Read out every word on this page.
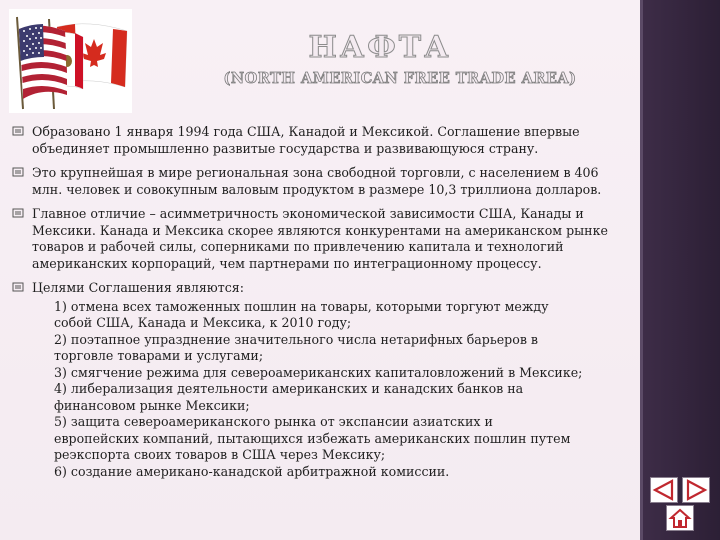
НАФТА
(NORTH AMERICAN FREE TRADE AREA)
Образовано 1 января 1994 года США, Канадой и Мексикой. Соглашение впервые
объединяет промышленно развитые государства и развивающуюся страну.
Это крупнейшая в мире региональная зона свободной торговли, с населением в 406
млн. человек и совокупным валовым продуктом в размере 10,3 триллиона долларов.
Главное отличие – асимметричность экономической зависимости США, Канады и
Мексики. Канада и Мексика скорее являются конкурентами на американском рынке
товаров и рабочей силы, соперниками по привлечению капитала и технологий
американских корпораций, чем партнерами по интеграционному процессу.
Целями Соглашения являются:
1) отмена всех таможенных пошлин на товары, которыми торгуют между
собой США, Канада и Мексика, к 2010 году;
2) поэтапное упразднение значительного числа нетарифных барьеров в
торговле товарами и услугами;
3) смягчение режима для североамериканских капиталовложений в Мексике;
4) либерализация деятельности американских и канадских банков на
финансовом рынке Мексики;
5) защита североамериканского рынка от экспансии азиатских и
европейских компаний, пытающихся избежать американских пошлин путем
реэкспорта своих товаров в США через Мексику;
6) создание американо-канадской арбитражной комиссии.
